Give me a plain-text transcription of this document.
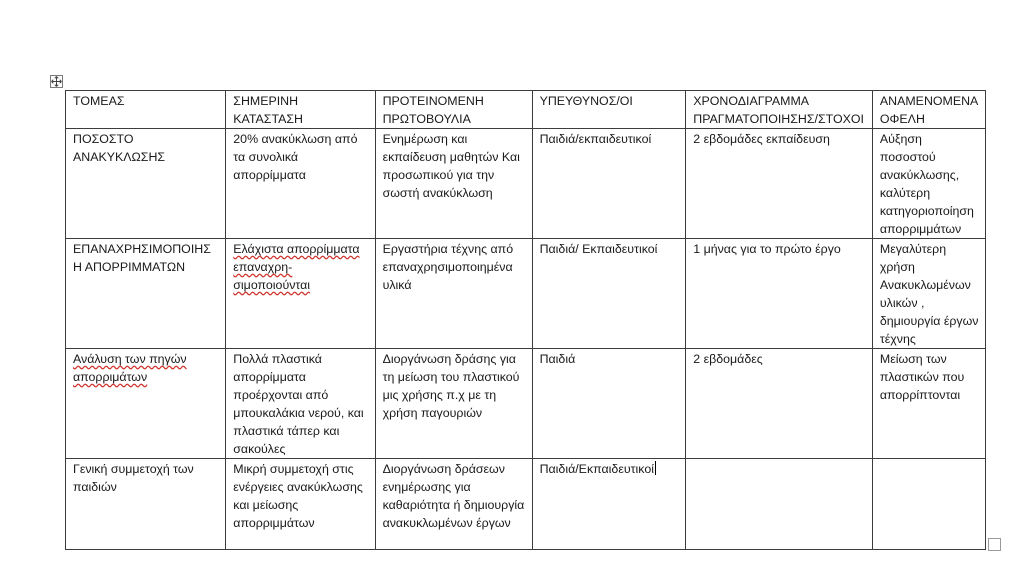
ΤΟΜΕΑΣ	ΣΗΜΕΡΙΝΗ ΚΑΤΑΣΤΑΣΗ	ΠΡΟΤΕΙΝΟΜΕΝΗ ΠΡΩΤΟΒΟΥΛΙΑ	ΥΠΕΥΘΥΝΟΣ/ΟΙ	ΧΡΟΝΟΔΙΑΓΡΑΜΜΑ ΠΡΑΓΜΑΤΟΠΟΙΗΣΗΣ/ΣΤΟΧΟΙ	ΑΝΑΜΕΝΟΜΕΝΑ ΟΦΕΛΗ
ΠΟΣΟΣΤΟ ΑΝΑΚΥΚΛΩΣΗΣ	20% ανακύκλωση από τα συνολικά απορρίμματα	Ενημέρωση και εκπαίδευση μαθητών Και προσωπικού για την σωστή ανακύκλωση	Παιδιά/εκπαιδευτικοί	2 εβδομάδες εκπαίδευση	Αύξηση ποσοστού ανακύκλωσης, καλύτερη κατηγοριοποίηση απορριμμάτων
ΕΠΑΝΑΧΡΗΣΙΜΟΠΟΙΗΣΗ ΑΠΟΡΡΙΜΜΑΤΩΝ	Ελάχιστα απορρίμματα επαναχρη-σιμοποιούνται	Εργαστήρια τέχνης από επαναχρησιμοποιημένα υλικά	Παιδιά/ Εκπαιδευτικοί	1 μήνας για το πρώτο έργο	Μεγαλύτερη χρήση Ανακυκλωμένων υλικών , δημιουργία έργων τέχνης
Ανάλυση των πηγών απορριμάτων	Πολλά πλαστικά απορρίμματα προέρχονται από μπουκαλάκια νερού, και πλαστικά τάπερ και σακούλες	Διοργάνωση δράσης για τη μείωση του πλαστικού μις χρήσης π.χ με τη χρήση παγουριών	Παιδιά	2 εβδομάδες	Μείωση των πλαστικών που απορρίπτονται
Γενική συμμετοχή των παιδιών	Μικρή συμμετοχή στις ενέργειες ανακύκλωσης και μείωσης απορριμμάτων	Διοργάνωση δράσεων ενημέρωσης για καθαριότητα ή δημιουργία ανακυκλωμένων έργων	Παιδιά/Εκπαιδευτικοί		
